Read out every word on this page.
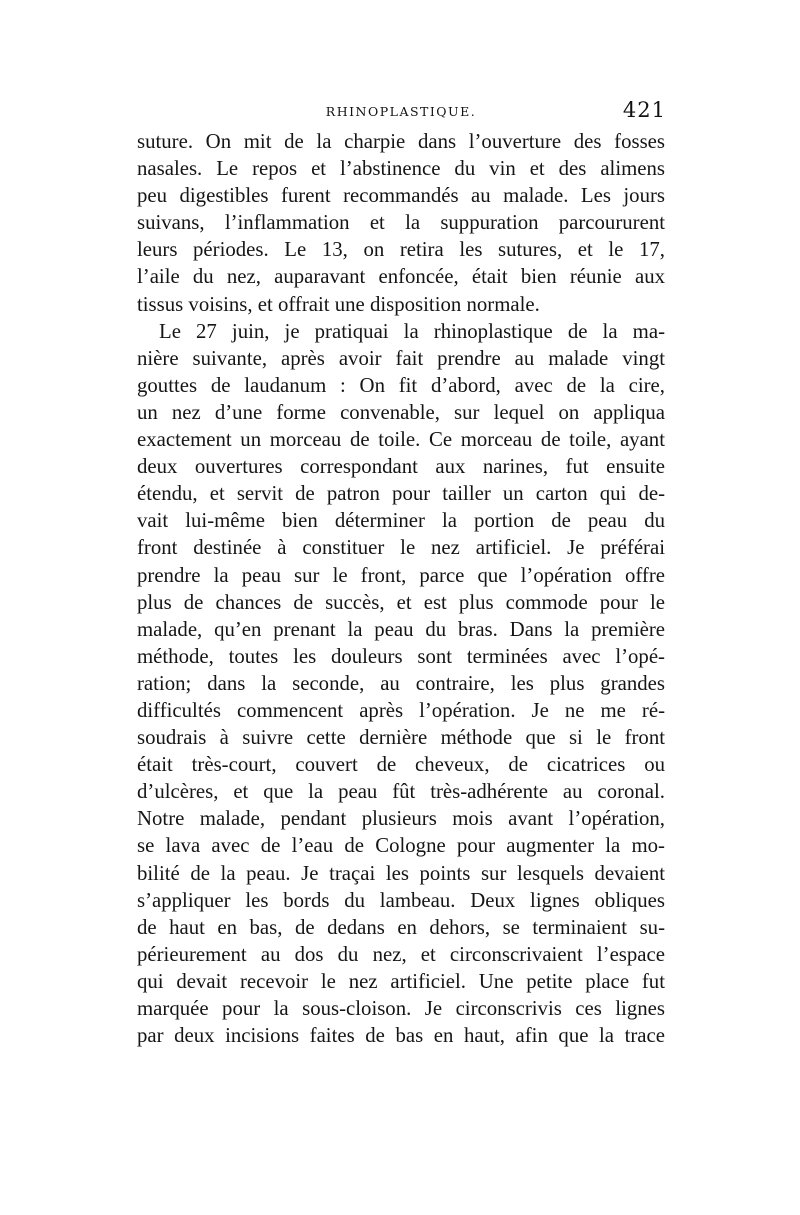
RHINOPLASTIQUE.	421
suture. On mit de la charpie dans l’ouverture des fosses
nasales. Le repos et l’abstinence du vin et des alimens
peu digestibles furent recommandés au malade. Les jours
suivans, l’inflammation et la suppuration parcoururent
leurs périodes. Le 13, on retira les sutures, et le 17,
l’aile du nez, auparavant enfoncée, était bien réunie aux
tissus voisins, et offrait une disposition normale.
Le 27 juin, je pratiquai la rhinoplastique de la ma-
nière suivante, après avoir fait prendre au malade vingt
gouttes de laudanum : On fit d’abord, avec de la cire,
un nez d’une forme convenable, sur lequel on appliqua
exactement un morceau de toile. Ce morceau de toile, ayant
deux ouvertures correspondant aux narines, fut ensuite
étendu, et servit de patron pour tailler un carton qui de-
vait lui-même bien déterminer la portion de peau du
front destinée à constituer le nez artificiel. Je préférai
prendre la peau sur le front, parce que l’opération offre
plus de chances de succès, et est plus commode pour le
malade, qu’en prenant la peau du bras. Dans la première
méthode, toutes les douleurs sont terminées avec l’opé-
ration; dans la seconde, au contraire, les plus grandes
difficultés commencent après l’opération. Je ne me ré-
soudrais à suivre cette dernière méthode que si le front
était très-court, couvert de cheveux, de cicatrices ou
d’ulcères, et que la peau fût très-adhérente au coronal.
Notre malade, pendant plusieurs mois avant l’opération,
se lava avec de l’eau de Cologne pour augmenter la mo-
bilité de la peau. Je traçai les points sur lesquels devaient
s’appliquer les bords du lambeau. Deux lignes obliques
de haut en bas, de dedans en dehors, se terminaient su-
périeurement au dos du nez, et circonscrivaient l’espace
qui devait recevoir le nez artificiel. Une petite place fut
marquée pour la sous-cloison. Je circonscrivis ces lignes
par deux incisions faites de bas en haut, afin que la trace
